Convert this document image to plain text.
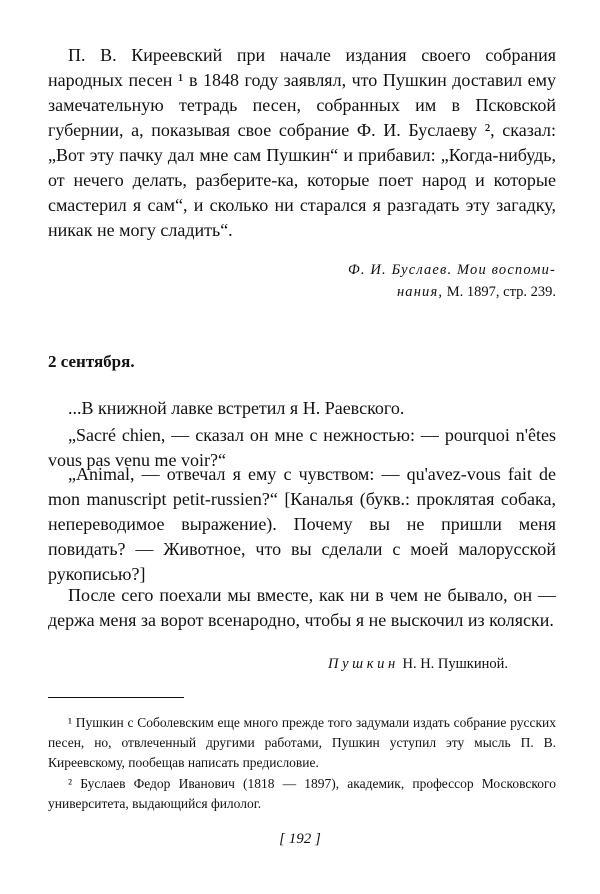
П. В. Киреевский при начале издания своего собрания народных песен ¹ в 1848 году заявлял, что Пушкин доставил ему замечательную тетрадь песен, собранных им в Псковской губернии, а, показывая свое собрание Ф. И. Буслаеву ², сказал: „Вот эту пачку дал мне сам Пушкин“ и прибавил: „Когда-нибудь, от нечего делать, разберите-ка, которые поет народ и которые смастерил я сам“, и сколько ни старался я разгадать эту загадку, никак не могу сладить“.

Ф. И. Буслаев. Мои воспоми-

нания, М. 1897, стр. 239.

2 сентября.

...В книжной лавке встретил я Н. Раевского.

„Sacré chien, — сказал он мне с нежностью: — pourquoi n'êtes vous pas venu me voir?“

„Animal, — отвечал я ему с чувством: — qu'avez-vous fait de mon manuscript petit-russien?“ [Каналья (букв.: проклятая собака, непереводимое выражение). Почему вы не пришли меня повидать? — Животное, что вы сделали с моей малорусской рукописью?]

После сего поехали мы вместе, как ни в чем не бывало, он — держа меня за ворот всенародно, чтобы я не выскочил из коляски.

Пушкин Н. Н. Пушкиной.

¹ Пушкин с Соболевским еще много прежде того задумали издать собрание русских песен, но, отвлеченный другими работами, Пушкин уступил эту мысль П. В. Киреевскому, пообещав написать предисловие.

² Буслаев Федор Иванович (1818 — 1897), академик, профессор Московского университета, выдающийся филолог.

[ 192 ]
